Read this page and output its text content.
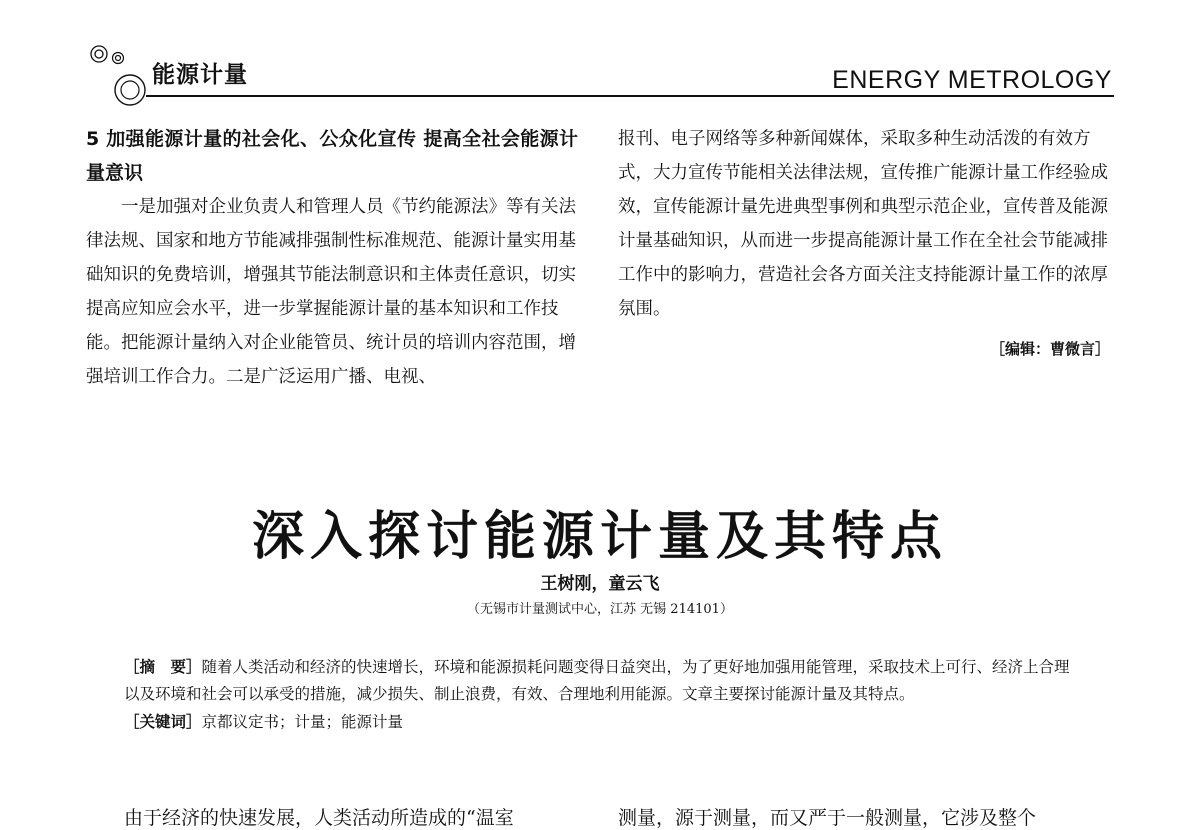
能源计量	ENERGY METROLOGY

5 加强能源计量的社会化、公众化宣传 提高全社会能源计量意识

一是加强对企业负责人和管理人员《节约能源法》等有关法律法规、国家和地方节能减排强制性标准规范、能源计量实用基础知识的免费培训，增强其节能法制意识和主体责任意识，切实提高应知应会水平，进一步掌握能源计量的基本知识和工作技能。把能源计量纳入对企业能管员、统计员的培训内容范围，增强培训工作合力。二是广泛运用广播、电视、

报刊、电子网络等多种新闻媒体，采取多种生动活泼的有效方式，大力宣传节能相关法律法规，宣传推广能源计量工作经验成效，宣传能源计量先进典型事例和典型示范企业，宣传普及能源计量基础知识，从而进一步提高能源计量工作在全社会节能减排工作中的影响力，营造社会各方面关注支持能源计量工作的浓厚氛围。

［编辑：曹微言］

深入探讨能源计量及其特点
王树刚，童云飞
（无锡市计量测试中心，江苏 无锡 214101）

［摘　要］随着人类活动和经济的快速增长，环境和能源损耗问题变得日益突出，为了更好地加强用能管理，采取技术上可行、经济上合理以及环境和社会可以承受的措施，减少损失、制止浪费，有效、合理地利用能源。文章主要探讨能源计量及其特点。

［关键词］京都议定书；计量；能源计量

由于经济的快速发展，人类活动所造成的“温室	测量，源于测量，而又严于一般测量，它涉及整个
